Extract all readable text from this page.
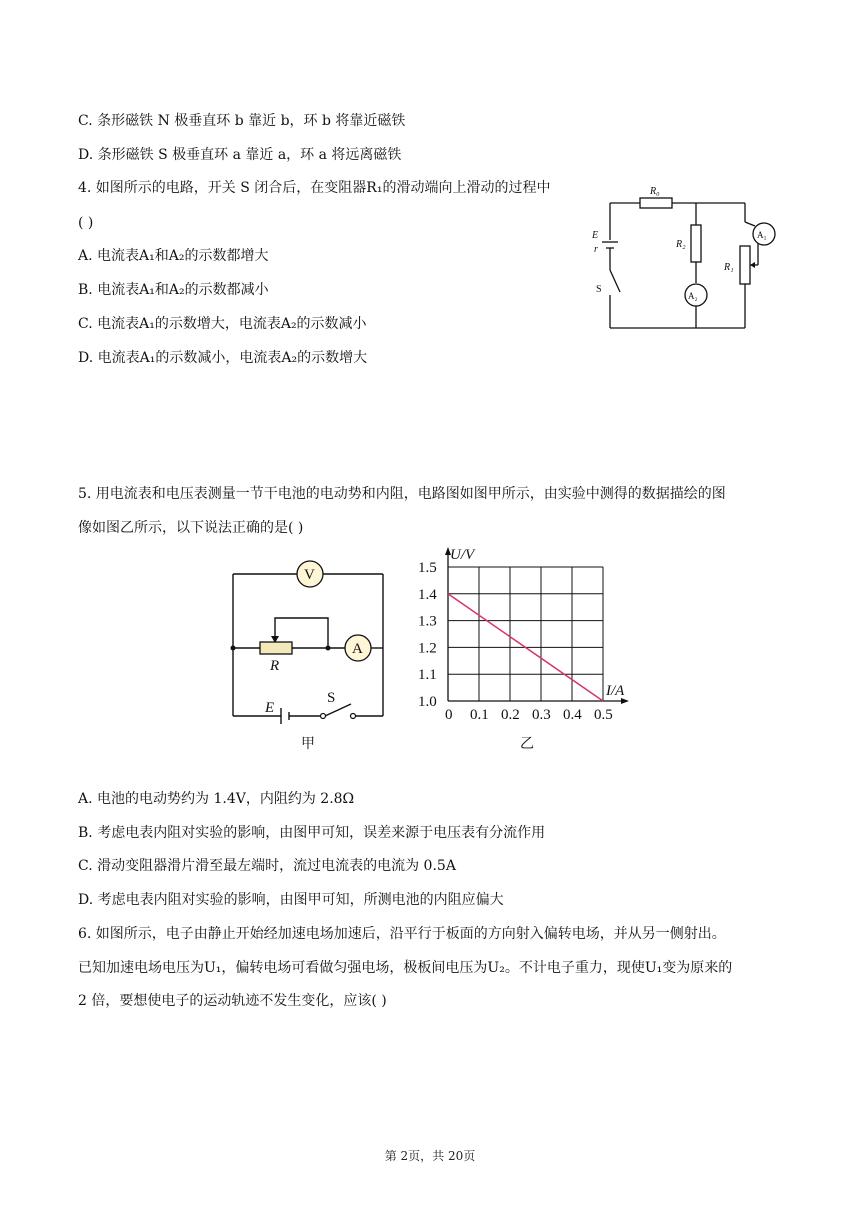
C. 条形磁铁 N 极垂直环 b 靠近 b，环 b 将靠近磁铁
D. 条形磁铁 S 极垂直环 a 靠近 a，环 a 将远离磁铁
4. 如图所示的电路，开关 S 闭合后，在变阻器R₁的滑动端向上滑动的过程中
( )
A. 电流表A₁和A₂的示数都增大
B. 电流表A₁和A₂的示数都减小
C. 电流表A₁的示数增大，电流表A₂的示数减小
D. 电流表A₁的示数减小，电流表A₂的示数增大
R₀
E
r	R₂
A₁
R₁
S
A₂
5. 用电流表和电压表测量一节干电池的电动势和内阻，电路图如图甲所示，由实验中测得的数据描绘的图
像如图乙所示，以下说法正确的是( )
V
R
A
E
S
甲
0 0.1 0.2 0.3 0.4 0.5
1.0
1.1
1.2
1.3
1.4
1.5
U/V
I/A
乙
A. 电池的电动势约为 1.4V，内阻约为 2.8Ω
B. 考虑电表内阻对实验的影响，由图甲可知，误差来源于电压表有分流作用
C. 滑动变阻器滑片滑至最左端时，流过电流表的电流为 0.5A
D. 考虑电表内阻对实验的影响，由图甲可知，所测电池的内阻应偏大
6. 如图所示，电子由静止开始经加速电场加速后，沿平行于板面的方向射入偏转电场，并从另一侧射出。
已知加速电场电压为U₁，偏转电场可看做匀强电场，极板间电压为U₂。不计电子重力，现使U₁变为原来的
2 倍，要想使电子的运动轨迹不发生变化，应该( )
第 2页，共 20页
